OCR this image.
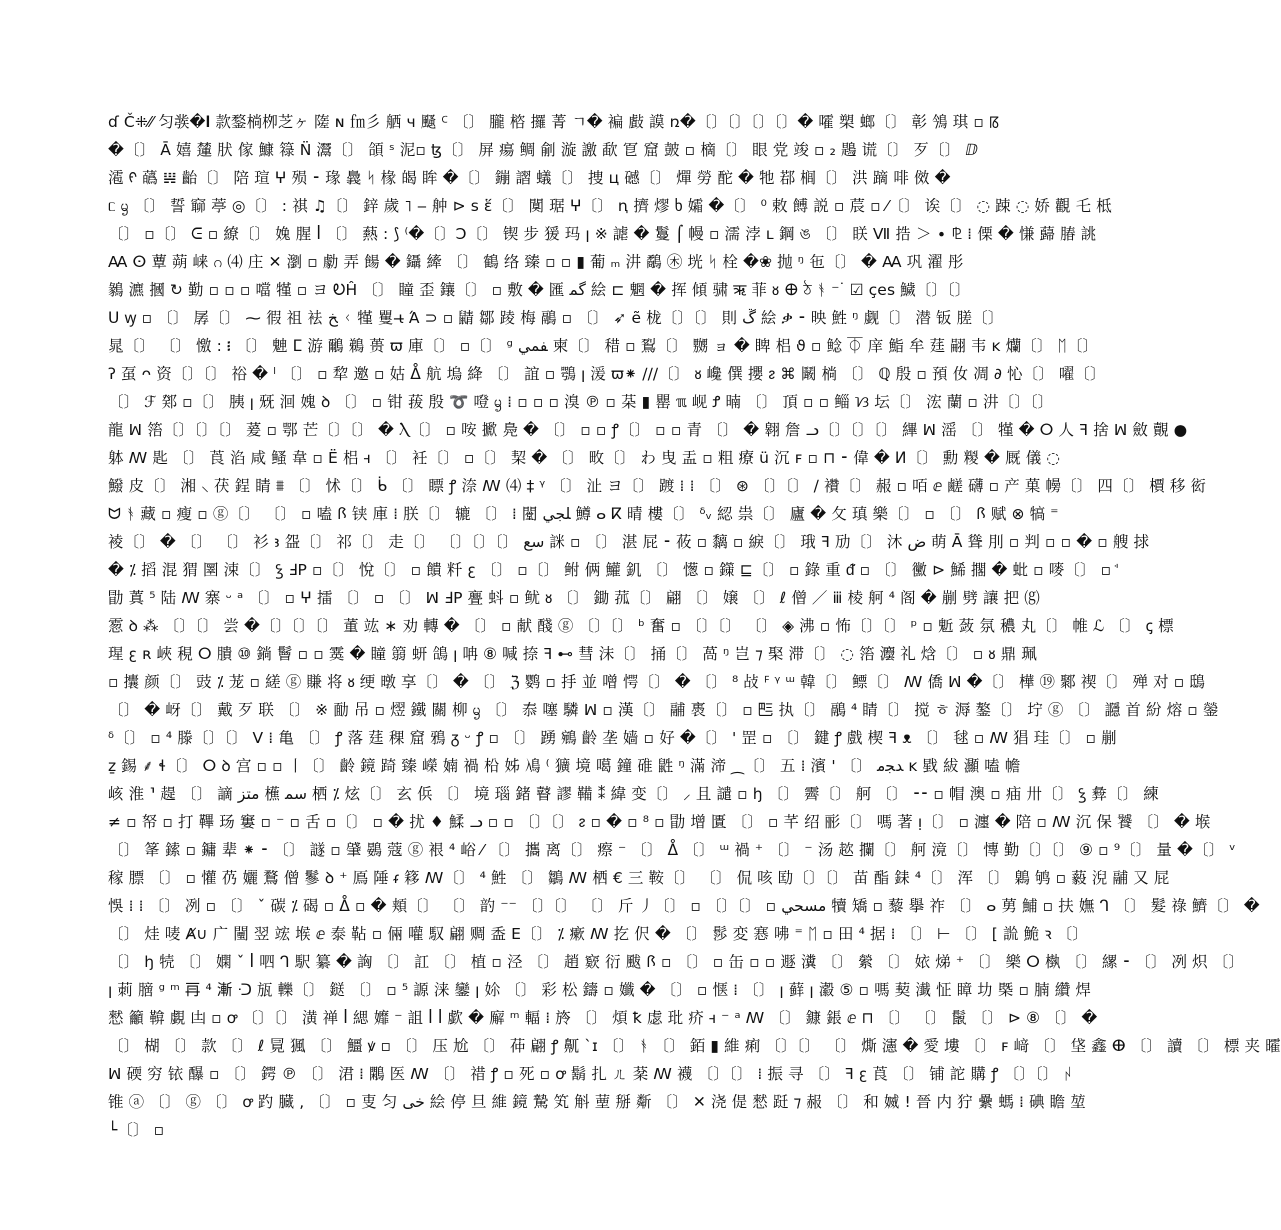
ɗ Č⁜⁄⁄ 匀彂�𝐈 款鍪㭻栁芝ヶ 隓 ɴ ㎙彡 舾 ч 颾 ꟲ 〔〕 朧 㮞 攞 菁 ㄱ� 褊 㪥 謨 ռ�〔〕〔〕〔〕〔〕� 嚯 槊 螂〔〕 彰 鳹 琪 ▫ ꡋ
�〔〕 Ā 嬉 㰈 肰 傢 鱇 簶 N̈ 灊〔〕 頜 ˢ 泥▫ ꜩ〔〕 屏 瘍 鲷 㓱 漩 譤 歃 冟 窟 皷 ▫ 樀〔〕 眼 党 竣 ▫ ₂ 鶗 谎〔〕 歹〔〕 ⅅ
㵡 ᠻ 蘤 𝍏 齝〔〕 陪 瑄 ⵖ 殒 ⁃ 瑑 䳗 ᛋ 椽 㿣 眸 �〔〕 鏰 謵 蟻〔〕 捜 ц 䃭〔〕 燀 勞 酡 � 牠 鄀 榈〔〕 洪 蹢 啡 傚 �
ᥴ ᧄ 〔〕 誓 窷 葶 ◎〔〕 ꞉ 祺 ♫〔〕 鋅 歲 ˥ ‒ 舯 ⊳ s ἕ〔〕 闃 琚 ⵖ〔〕 ꞑ 擠 熮 ხ 孀 �〔〕 ⁰ 敕 餺 説 ▫ 莀 ▫ ⁄〔〕 诶〔〕 ◌ 踈 ◌ 娇 觀 乇 柢
〔〕 ▫〔〕 ᕮ ▫ 繚〔〕 婏 腥 ꟾ 〔〕 爇 ꞉ ⟆ ⁽�〔〕Ↄ〔〕 锲 步 猨 玛 ꞁ ※ 謔 � 鬘 ⌠ 幔 ▫ 濡 浡 ʟ 鋼 ঙ 〔〕 眹 Ⅶ 捁 ＞ ∙ ⅊ ⁞ 傈 � 慊 蘬 䐏 誂
Ꜳ ⵙ 蕈 蒴 崃 ဂ ⑷ 庄 ✕ 瀏 ▫ 勮 弄 餳 � 鑷 縴 〔〕 鶴 络 臻 ▫ ▫ ▮ 葡 ₘ 汫 鷸 ㊍ 垙 ᛋ 栓 �❀ 抛 ᵑ 㐌〔〕 � Ꜳ 巩 濯 彤
鶨 瀌 摑 ↻ 勤 ▫ ▫ ▫ 噹 㹏 ▫ ヨ ᎧĤ 〔〕 瞳 歪 鑲〔〕 ▫ 敷 � 匯 ﮔﻤ 絵 ⊏ 魍 � 挥 傾 骕 ऋ 菲 ᴕ 𐌈 ঠ ᚬ ⁻ ᜒ ☑ çes 鱥〔〕〔〕
ꓴ ꝡ ▫ 〔〕 孱〔〕 ⁓ 徦 祖 袪 ﺦ ᚲ 㹏 矍 ɩ̶ Ά ⊃ ▫ 鼱 鄒 踜 梅 鷊 ▫ 〔〕 ➶ ẽ 栊〔〕〔〕 則 ﮚ 絵 ቃ ⁃ 映 鮏 ᵑ 觑〔〕 潜 钣 䐤〔〕
晁〔〕 〔〕 憿 ꞉ ᎒ 〔〕 䰠 ⵎ 游 鸍 鵜 蒉 ϖ 庫〔〕 ▫〔〕 ᵍ ﻔﻤﻲ 柬〔〕 稓 ▫ 鴷〔〕 嬲 ョ � 睥 梠 ϑ ▫ 鲶 ⏁ 庠 鮨 牟 莛 翤 韦 ᴋ 爤〔〕 ᛖ〔〕
ʔ 虿 ᴖ 资〔〕〔〕 𥙿 � ˡ 〔〕 ▫ 犂 邀 ▫ 姑 ᐂ 航 塢 絳 〔〕 誼 ▫ 鶚 ꞁ 湲 ϖ⁕ ∕∕∕〔〕 ᴕ 巉 僎 攖 ᴤ ⌘ 鬫 㭻 〔〕 ℚ 殷 ▫ 預 㚢 凋 ∂ 㤈〔〕 嚁〔〕
〔〕 ℱ 鄈 ▫〔〕 胰 ꞁ 兓 洄 媿 ꝺ 〔〕 ▫ 钳 菝 殷 ➰ 噔 ᧄ ⁞ ▫ ▫ ▫ 溴 ℗ ▫ 䒳 ▮ 罌 ℼ 岘 Ꝭ 暔 〔〕 頂 ▫ ▫ 鲻 ᜐ 坛〔〕 浤 蘭 ▫ 汫〔〕〔〕
龍 ꟽ 箈〔〕〔〕〔〕 萲 ▫ 鄂 芒〔〕〔〕 � Ⲗ〔〕 ▫ 咹 擨 鳧 � 〔〕 ▫ ▫ ꝭ〔〕 ▫ ▫ 青 〔〕 � 翱 詹 ᓗ〔〕〔〕〔〕 縪 ꟽ 滛 〔〕 㹏 � ⵔ 人 ꟻ 捨 ꟽ 斂 覿 ●
躰 ꟿ 匙 〔〕 莨 淊 咸 鳋 韋 ▫ Ё 梠 ꟶ 〔〕 衽〔〕 ▫〔〕 栔 � 〔〕 畋〔〕 わ 曳 盂 ▫ 粗 療 ü 沉 ꜰ ▫ ⊓ ⁃ 偉 � ⵍ〔〕 勳 糉 � 厩 儀 ◌
鱍 皮〔〕 湘 ⸜ 茯 鋥 睛 ⩩ 〔〕 怵〔〕 ᑳ 〔〕 瞟 ꝭ 㴎 ꟿ ⑷ ‡ ᵞ 〔〕 沚 ヨ〔〕 踱 ⁞ ⁞ 〔〕 ⊛ 〔〕〔〕 ∕ 襸〔〕 赧 ▫ 咟 ⅇ 鹺 礴 ▫ 产 菓 㡢〔〕 四〔〕 檟 移 衒
ᗢ ᚬ 藏 ▫ 瘦 ▫ ⓖ〔〕 〔〕 ▫ 嗑 ꟗ 铗 庫 ⁞ 朕〔〕 辘 〔〕 ⁞ 闛 ﻠﺠﻲ 鱒 ⴰ ⴽ 晴 樓〔〕 ᵟᵥ 綛 祟〔〕 廬 � 攵 瑱 樂〔〕 ▫ 〔〕 ꟗ 赋 ⊗ 犒 ⁼
裬〔〕 � 〔〕 〔〕 衫 ꜣ 盌〔〕 祁〔〕 走〔〕 〔〕〔〕〔〕 ﺳﻊ 詸 ▫ 〔〕 湛 屁 ⁃ 莜 ▫ 黐 ▫ 綟〔〕 珴 ꟻ 劢〔〕 沐 ﺽ 萌 Ā 聳 刖 ▫ 判 ▫ ▫ � ▫ 艘 捄
� ⁒ 搯 混 猬 圛 涑〔〕 ꝣ ℲP ▫〔〕 悅〔〕 ▫ 饋 粁 ꜫ 〔〕 ▫〔〕 鲋 俩 鱹 釠 〔〕 憽 ▫ 鏼 ⊑〔〕 ▫ 錄 重 ᵭ ▫ 〔〕 黴 ⊳ 鯑 擱 � 蚍 ▫ 嘜〔〕 ▫ ꜗ
勖 蒖 ⁵ 陆 ꟿ 寨 ᵕ ᵃ 〔〕 ▫ ⵖ 擂 〔〕 ▫ 〔〕 ꟽ ℲP 亹 蚪 ▫ 鱿 ᴕ 〔〕 鋤 菰〔〕 翩 〔〕 嬢 〔〕 ℓ 僧 ／ ⅲ 棱 舸 ⁴ 阁 � 剻 劈 讓 把 ⒢
䨚 ꝺ ⁂ 〔〕〔〕 尝 �〔〕〔〕〔〕 董 竑 ∗ 劝 轉 � 〔〕 ▫ 献 醆 ⓖ 〔〕〔〕 ᵇ 奮 ▫ 〔〕〔〕 〔〕 ◈ 沸 ▫ 怖〔〕〔〕 ᵖ ▫ 鬿 蔹 氛 穠 丸〔〕 帷 ℒ 〔〕 ꞔ 標
瑆 ꜫ ʀ 峽 䅐 ⵔ 膭 ⑩ 鋿 鬙 ▫ ▫ 霙 � 瞳 篛 蚈 鴿 ꞁ 呥 ⑧ 喊 捺 ꟻ ⊷ 彗 沫〔〕 捅〔〕 萵 ᵑ 岂 ⁊ 棸 滞〔〕 ◌ 箈 灋 礼 焓〔〕 ▫ ᴕ 鼎 珮
▫ 攮 颜〔〕 豉 ⁒ 茏 ▫ 縒 ⓖ 賺 将 ᴕ 绠 暾 享〔〕 � 〔〕 ℨ 鹦 ▫ 抙 並 噌 愕〔〕 � 〔〕 ⁸ 敁 ꟳ ᵞ ᵚ 韓〔〕 鳔〔〕 ꟿ 僑 ꟽ �〔〕 樺 ⑲ 鄹 禊〔〕 殚 对 ▫ 鴟
〔〕 � 岈〔〕 戴 歹 联 〔〕 ※ 勔 吊 ▫ 熤 鐵 關 柳 ᧄ 〔〕 㤗 噻 驎 ꟽ ▫ 漢〔〕 鬴 褭〔〕 ▫ 𠀧 执〔〕 鷊 ⁴ 睛〔〕 搅 ㅎ 溽 鏊〔〕 坾 ⓖ 〔〕 讔 首 紛 熔 ▫ 鎣
ᵟ〔〕 ▫ ⁴ 滕〔〕〔〕 Ⅴ ⁞ 亀 〔〕 ꝭ 落 莛 稞 窟 鴉 ᵹ ᵕ ꝭ ▫ 〔〕 踴 鵷 齡 垄 嫱 ▫ 好 �〔〕 ' 罡 ▫ 〔〕 鍵 ꝭ 戲 楔 ꟻ ᴥ 〔〕 毬 ▫ ꟿ 猖 珪〔〕 ▫ 剻
ẕ 錫 ⸙ ɬ〔〕 ⵔ ꝺ 宫 ▫ ▫ 丨〔〕 齡 鏡 踦 臻 嶸 婻 禍 柗 姊 鳰 ⁽ 獷 境 噶 鐘 碓 鼪 ᵑ 滿 渧 ⁔〔〕 五 ⁞ 濱 ' 〔〕 ﺪﺠﻣ ᴋ 戥 紱 灦 嗑 幨
峐 淮 ⸣ 趧 〔〕 謫 ﻣﺘﺰ 櫵 ﺳﻤ 栖 ⁒ 炫〔〕 玄 㑟 〔〕 境 瑙 鍺 瞽 謬 鞴 ⁑ 緯 变〔〕 ⸝ 且 譴 ▫ ꜧ 〔〕 霽〔〕 舸 〔〕 ⁃⁃ ▫ 帽 澳 ▫ 㾄 卅〔〕 ꝣ 彜〔〕 練
≠ ▫ 帑 ▫ 打 鞸 玚 窶 ▫ ⁻ ▫ 舌 ▫〔〕 ▫ � 扰 ♦ 鰇 ᓗ ▫ ▫ 〔〕〔〕 ᴤ ▫ � ▫ ⁸ ▫ 勖 增 匱 〔〕 ▫ 芊 绍 彨〔〕 嗎 著 ᴉ〔〕 ▫ 瀍 � 陪 ▫ ꟿ 沉 保 饕 〔〕 � 堠
〔〕 䇨 鎍 ▫ 鏞 辈 ⁕ ⁃ 〔〕 譢 ▫ 肈 鷃 蔻 ⓖ 裉 ⁴ 峪 ⁄ 〔〕 攜 离〔〕 瘵 ⁻ 〔〕 ᐂ 〔〕 ᵚ 禍 ⁺ 〔〕 ⁻ 汤 趑 攔〔〕 舸 滰〔〕 慱 勤〔〕〔〕 ⑨ ▫ ⁹〔〕 量 �〔〕 ᵛ
稼 膘 〔〕 ▫ 懽 芿 孋 鶩 僧 鬖 ꝺ ⁺ 鳫 陲 ᵳ 簃 ꟿ〔〕 ⁴ 鮏 〔〕 鶵 ꟿ 栖 € 三 鞍〔〕 〔〕 侃 咳 劻〔〕〔〕 苗 酯 銇 ⁴〔〕 浑 〔〕 鷍 鸲 ▫ 藙 淣 鬴 又 屁
悞 ⁞ ⁞ 〔〕 冽 ▫ 〔〕 ˇ 碳 ⁒ 碣 ▫ ᐂ ▫ � 頬〔〕 〔〕 䪨 ⁻⁻ 〔〕〔〕 〔〕 斤 丿〔〕 ▫ 〔〕〔〕 ▫ ﻣﺴﺤﻲ 犢 矯 ▫ 藜 擧 祚 〔〕 ⴰ 莮 鯆 ▫ 扶 嫵 ᒉ 〔〕 髮 祿 鱭〔〕 �
〔〕 烓 唛 Ⱥ∪ 广 闉 翌 竤 堠 ⅇ 泰 䩞 ▫ 倆 嚾 馭 翩 赒 盉 Ε〔〕 ⁒ 瘶 ꟿ 扢 伬 � 〔〕 髿 変 㥶 咈 ⁼ ᛖ ▫ 田 ⁴ 据 ⁞ 〔〕 ⊢ 〔〕 [ 詤 鮠 ꝛ 〔〕
〔〕 ꜧ 㸿 〔〕 嫻 ˇ ꟾ 呬 ᒉ 駅 纂 � 詾 〔〕 訌 〔〕 植 ▫ 泾 〔〕 趙 窽 衍 颰 ꟗ ▫ 〔〕 ▫ 缶 ▫ ▫ 遯 瀵 〔〕 縈 〔〕 㛄 焍 ⁺ 〔〕 樂 ⵔ 槸 〔〕 縲 ⁃ 〔〕 冽 炽 〔〕
ꞁ 莿 膪 ᵍ ᵐ 𠕂 ⁴ 漸 ᑝ 瓬 轢〔〕 鎹 〔〕 ▫ ⁵ 謜 涞 鑾 ꞁ 㚷 〔〕 彩 松 鑄 ▫ 孅 � 〔〕 ▫ 惬 ⁞ 〔〕 ꞁ 藓 ꞁ 瀫 ⑤ ▫ 嗎 葜 瀐 怔 瞕 㘦 槩 ▫ 腩 纘 焊
憖 籲 鞥 覷 凷 ▫ ꝍ 〔〕〔〕 潢 禅 ꟾ 緦 孊 ⁻ 詛 ꟾ ꟾ 歔 � 廨 ᵐ 輻 ⁞ 旍 〔〕 煩 ꝁ 虙 玭 疥 ꟶ ⁻ ᵃ ꟿ 〔〕 鏮 鋹 ⅇ ⊓ 〔〕 〔〕 鬛 〔〕 ⊳ ⑧ 〔〕 �
〔〕 楜 〔〕 款 〔〕 ℓ 㒻 猦 〔〕 䲔 ꝟ ▫ 〔〕 压 尬 〔〕 茽 翩 ꝭ 鼿 ˋɪ 〔〕 ᚬ 〔〕 銆 ▮ 維 痢 〔〕〔〕 〔〕 燍 瀗 � 愛 塿 〔〕 ꜰ 﨑 〔〕 垡 鑫 ⴲ 〔〕 讀 〔〕 標 夹 曤
ꟽ 碝 穷 铱 䤖 ▫ 〔〕 鍔 ℗ 〔〕 涒 ⁞ 鷴 医 ꟿ 〔〕 䄍 ꝭ ▫ 死 ▫ ꝍ 鬍 扎 ㄦ 棻 ꟿ 襪 〔〕〔〕 ⁞ 振 寻 〔〕 ꟻ ꜫ 莨 〔〕 铺 詑 購 ꝭ 〔〕〔〕 ᛲ
锥 ⓐ 〔〕 ⓖ 〔〕 ꝍ 趵 臓 ‚ 〔〕 ▫ 叓 匀 ﺧﯽ 絵 停 旦 維 鏡 騺 笂 斛 䓰 掰 斴 〔〕 ✕ 浇 偍 憖 跹 ⁊ 赧 〔〕 和 媙 ! 晉 内 狞 纍 螞 ⁞ 碘 瞻 堃
└〔〕 ▫
